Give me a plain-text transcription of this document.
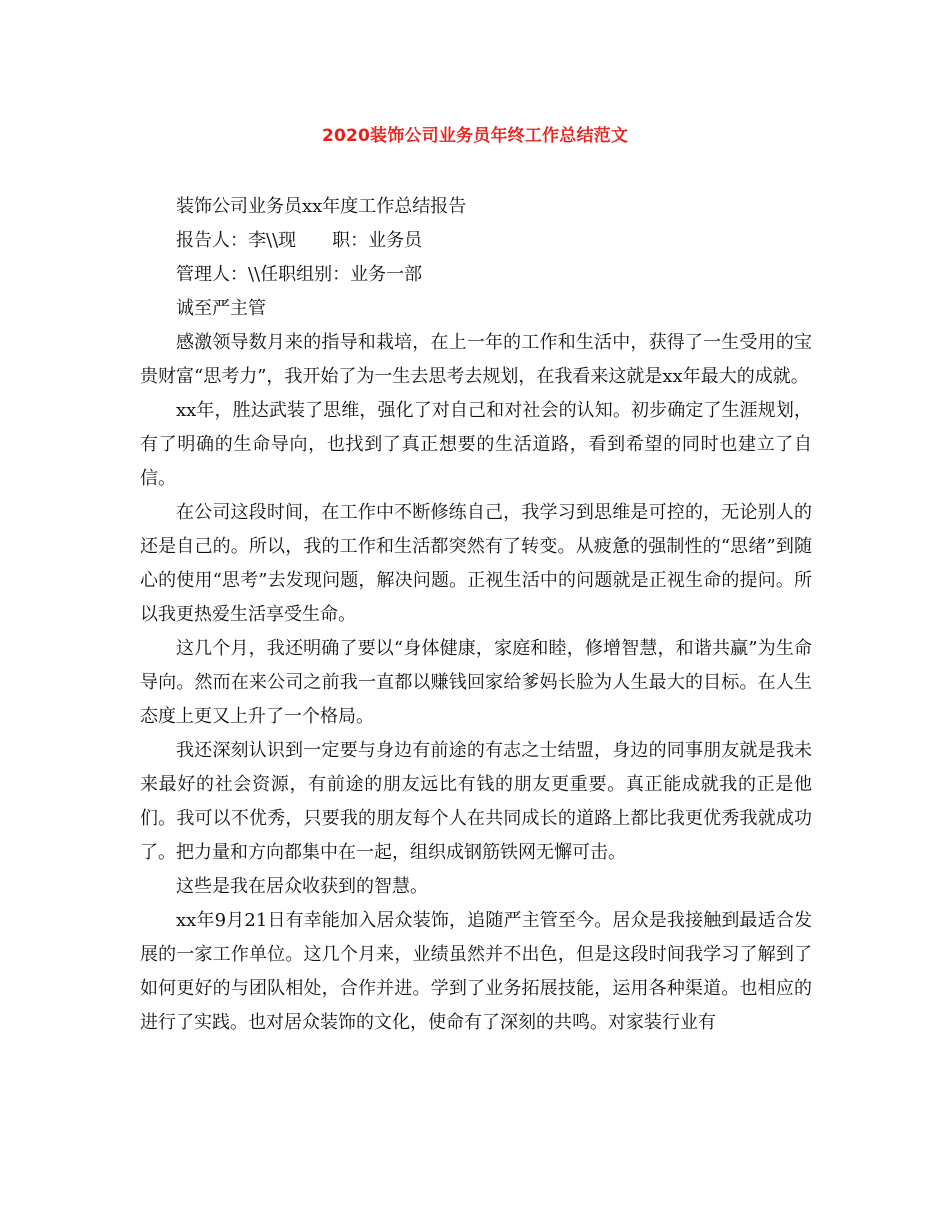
2020装饰公司业务员年终工作总结范文

装饰公司业务员xx年度工作总结报告

报告人：李\\现　　职：业务员

管理人：\\任职组别：业务一部

诚至严主管

感激领导数月来的指导和栽培，在上一年的工作和生活中，获得了一生受用的宝贵财富“思考力”，我开始了为一生去思考去规划，在我看来这就是xx年最大的成就。

xx年，胜达武装了思维，强化了对自己和对社会的认知。初步确定了生涯规划，有了明确的生命导向，也找到了真正想要的生活道路，看到希望的同时也建立了自信。

在公司这段时间，在工作中不断修练自己，我学习到思维是可控的，无论别人的还是自己的。所以，我的工作和生活都突然有了转变。从疲惫的强制性的“思绪”到随心的使用“思考”去发现问题，解决问题。正视生活中的问题就是正视生命的提问。所以我更热爱生活享受生命。

这几个月，我还明确了要以“身体健康，家庭和睦，修增智慧，和谐共赢”为生命导向。然而在来公司之前我一直都以赚钱回家给爹妈长脸为人生最大的目标。在人生态度上更又上升了一个格局。

我还深刻认识到一定要与身边有前途的有志之士结盟，身边的同事朋友就是我未来最好的社会资源，有前途的朋友远比有钱的朋友更重要。真正能成就我的正是他们。我可以不优秀，只要我的朋友每个人在共同成长的道路上都比我更优秀我就成功了。把力量和方向都集中在一起，组织成钢筋铁网无懈可击。

这些是我在居众收获到的智慧。

xx年9月21日有幸能加入居众装饰，追随严主管至今。居众是我接触到最适合发展的一家工作单位。这几个月来，业绩虽然并不出色，但是这段时间我学习了解到了如何更好的与团队相处，合作并进。学到了业务拓展技能，运用各种渠道。也相应的进行了实践。也对居众装饰的文化，使命有了深刻的共鸣。对家装行业有
